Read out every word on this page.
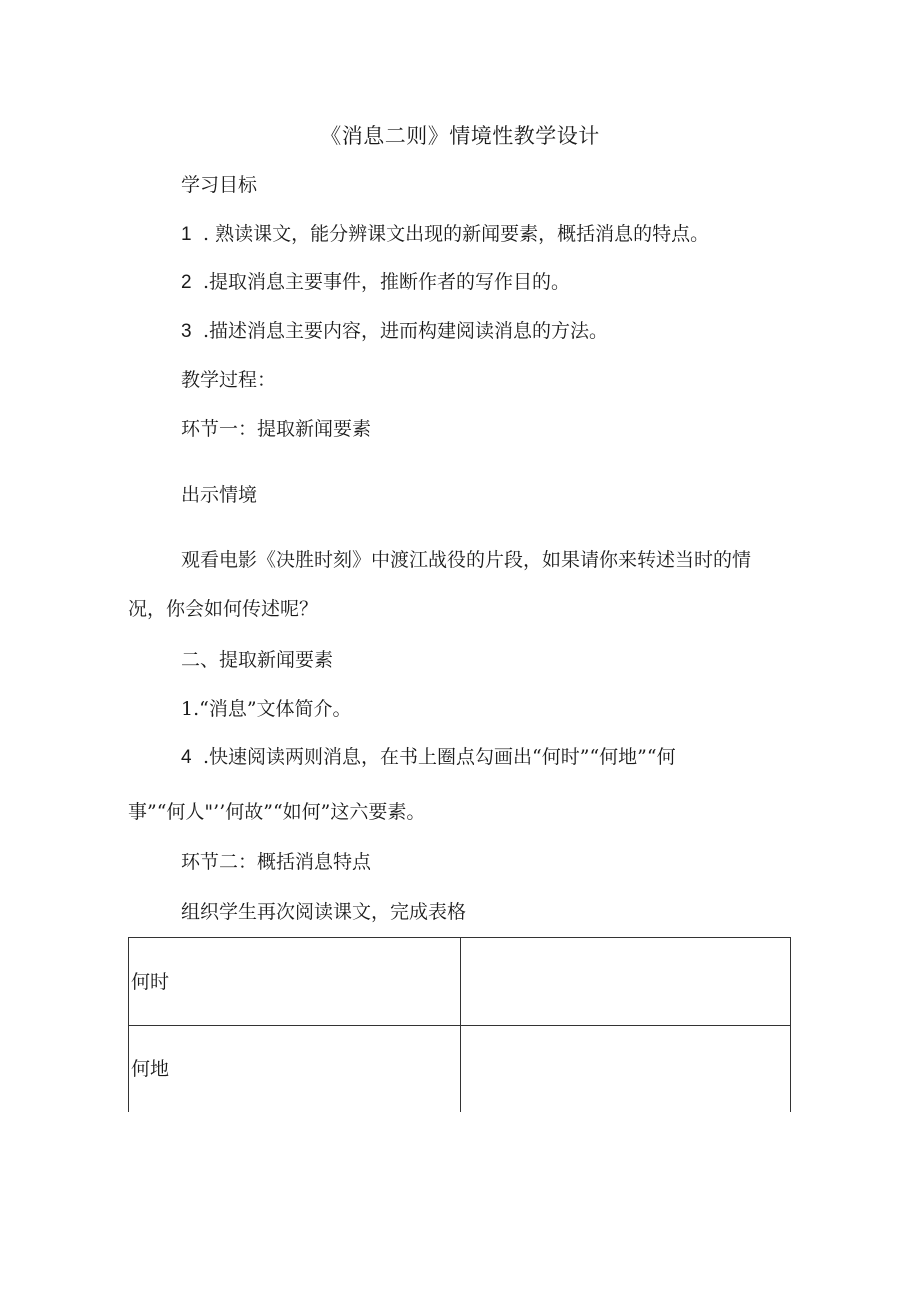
《消息二则》情境性教学设计
学习目标
1 . 熟读课文，能分辨课文出现的新闻要素，概括消息的特点。
2 .提取消息主要事件，推断作者的写作目的。
3 .描述消息主要内容，进而构建阅读消息的方法。
教学过程：
环节一：提取新闻要素
出示情境
观看电影《决胜时刻》中渡江战役的片段，如果请你来转述当时的情
况，你会如何传述呢？
二、提取新闻要素
1.“消息”文体简介。
4 .快速阅读两则消息，在书上圈点勾画出“何时”“何地”“何
事”“何人"’’何故”“如何”这六要素。
环节二：概括消息特点
组织学生再次阅读课文，完成表格
何时
何地
